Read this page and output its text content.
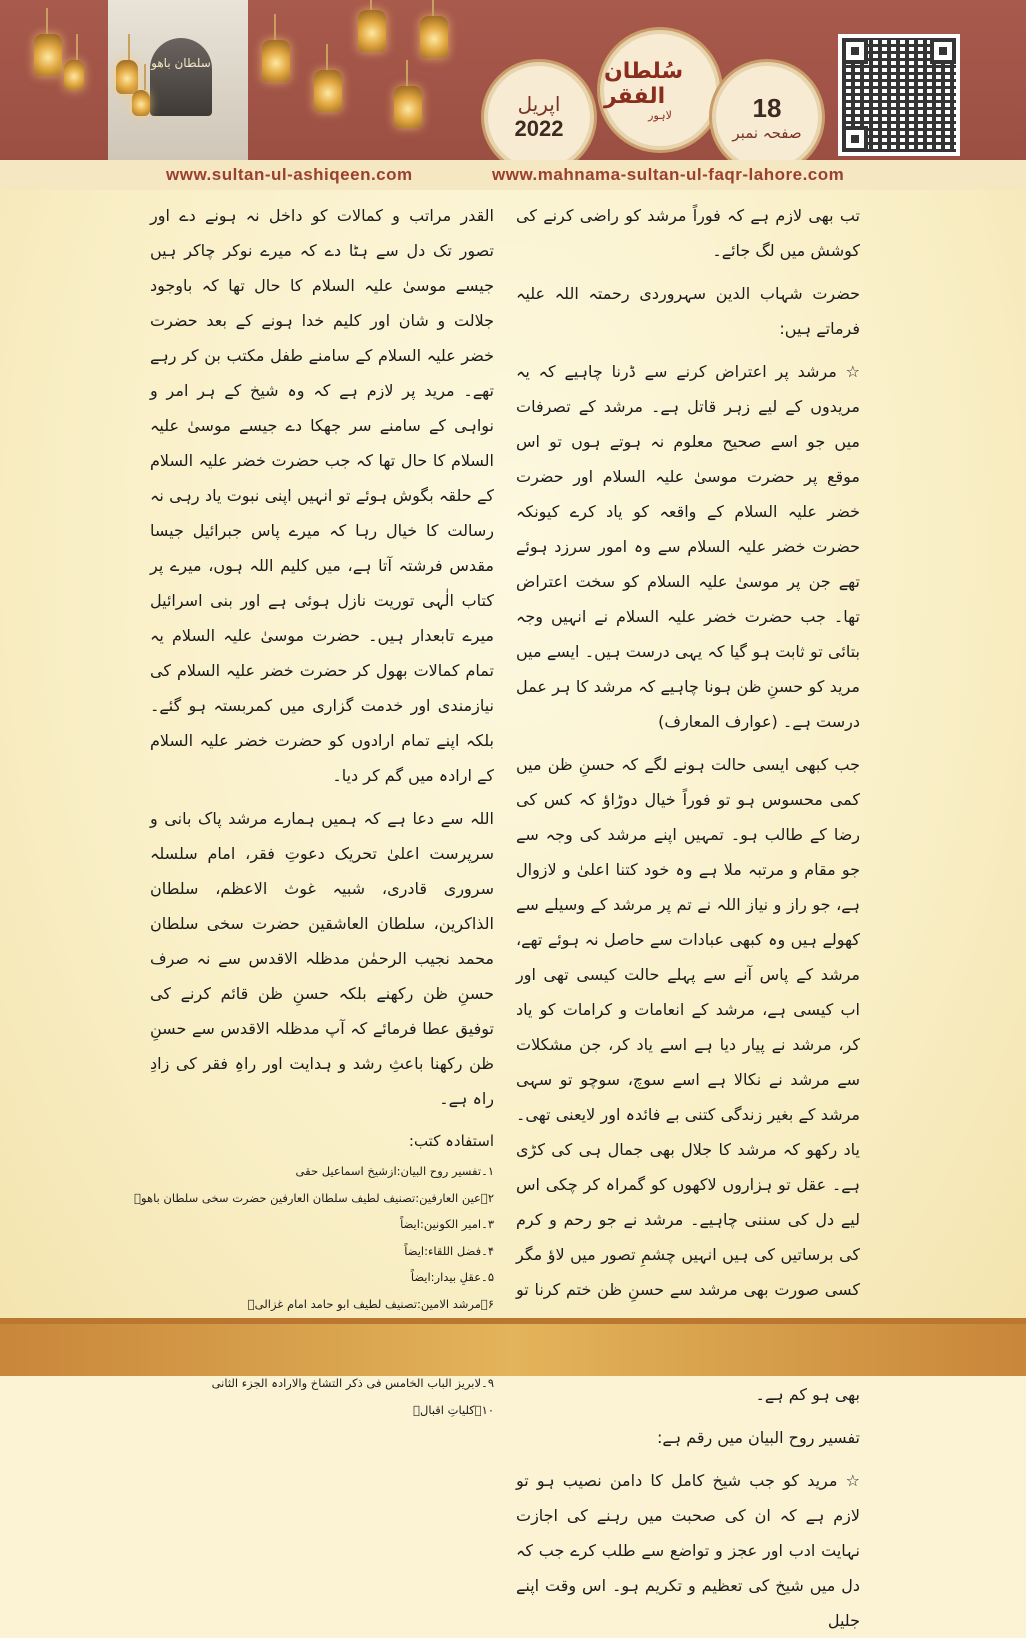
سلطان باھو
اپریل
2022
سُلطان الفقر
لاہور	18
صفحہ نمبر
www.sultan-ul-ashiqeen.com	www.mahnama-sultan-ul-faqr-lahore.com

تب بھی لازم ہے کہ فوراً مرشد کو راضی کرنے کی کوشش میں لگ جائے۔

حضرت شہاب الدین سہروردی رحمتہ اللہ علیہ فرماتے ہیں:

☆ مرشد پر اعتراض کرنے سے ڈرنا چاہیے کہ یہ مریدوں کے لیے زہر قاتل ہے۔ مرشد کے تصرفات میں جو اسے صحیح معلوم نہ ہوتے ہوں تو اس موقع پر حضرت موسیٰ علیہ السلام اور حضرت خضر علیہ السلام کے واقعہ کو یاد کرے کیونکہ حضرت خضر علیہ السلام سے وہ امور سرزد ہوئے تھے جن پر موسیٰ علیہ السلام کو سخت اعتراض تھا۔ جب حضرت خضر علیہ السلام نے انہیں وجہ بتائی تو ثابت ہو گیا کہ یہی درست ہیں۔ ایسے میں مرید کو حسنِ ظن ہونا چاہیے کہ مرشد کا ہر عمل درست ہے۔ (عوارف المعارف)

جب کبھی ایسی حالت ہونے لگے کہ حسنِ ظن میں کمی محسوس ہو تو فوراً خیال دوڑاؤ کہ کس کی رضا کے طالب ہو۔ تمہیں اپنے مرشد کی وجہ سے جو مقام و مرتبہ ملا ہے وہ خود کتنا اعلیٰ و لازوال ہے، جو راز و نیاز اللہ نے تم پر مرشد کے وسیلے سے کھولے ہیں وہ کبھی عبادات سے حاصل نہ ہوئے تھے، مرشد کے پاس آنے سے پہلے حالت کیسی تھی اور اب کیسی ہے، مرشد کے انعامات و کرامات کو یاد کر، مرشد نے پیار دیا ہے اسے یاد کر، جن مشکلات سے مرشد نے نکالا ہے اسے سوچ، سوچو تو سہی مرشد کے بغیر زندگی کتنی بے فائدہ اور لایعنی تھی۔ یاد رکھو کہ مرشد کا جلال بھی جمال ہی کی کڑی ہے۔ عقل تو ہزاروں لاکھوں کو گمراہ کر چکی اس لیے دل کی سننی چاہیے۔ مرشد نے جو رحم و کرم کی برساتیں کی ہیں انہیں چشمِ تصور میں لاؤ مگر کسی صورت بھی مرشد سے حسنِ ظن ختم کرنا تو بھی ہو کم ہے۔

تفسیر روح البیان میں رقم ہے:

☆ مرید کو جب شیخ کامل کا دامن نصیب ہو تو لازم ہے کہ ان کی صحبت میں رہنے کی اجازت نہایت ادب اور عجز و تواضع سے طلب کرے جب کہ دل میں شیخ کی تعظیم و تکریم ہو۔ اس وقت اپنے جلیل

القدر مراتب و کمالات کو داخل نہ ہونے دے اور تصور تک دل سے ہٹا دے کہ میرے نوکر چاکر ہیں جیسے موسیٰ علیہ السلام کا حال تھا کہ باوجود جلالت و شان اور کلیم خدا ہونے کے بعد حضرت خضر علیہ السلام کے سامنے طفل مکتب بن کر رہے تھے۔ مرید پر لازم ہے کہ وہ شیخ کے ہر امر و نواہی کے سامنے سر جھکا دے جیسے موسیٰ علیہ السلام کا حال تھا کہ جب حضرت خضر علیہ السلام کے حلقہ بگوش ہوئے تو انہیں اپنی نبوت یاد رہی نہ رسالت کا خیال رہا کہ میرے پاس جبرائیل جیسا مقدس فرشتہ آتا ہے، میں کلیم اللہ ہوں، میرے پر کتاب الٰہی توریت نازل ہوئی ہے اور بنی اسرائیل میرے تابعدار ہیں۔ حضرت موسیٰ علیہ السلام یہ تمام کمالات بھول کر حضرت خضر علیہ السلام کی نیازمندی اور خدمت گزاری میں کمربستہ ہو گئے۔ بلکہ اپنے تمام ارادوں کو حضرت خضر علیہ السلام کے ارادہ میں گم کر دیا۔

اللہ سے دعا ہے کہ ہمیں ہمارے مرشد پاک بانی و سرپرست اعلیٰ تحریک دعوتِ فقر، امام سلسلہ سروری قادری، شبیہ غوث الاعظم، سلطان الذاکرین، سلطان العاشقین حضرت سخی سلطان محمد نجیب الرحمٰن مدظلہ الاقدس سے نہ صرف حسنِ ظن رکھنے بلکہ حسنِ ظن قائم کرنے کی توفیق عطا فرمائے کہ آپ مدظلہ الاقدس سے حسنِ ظن رکھنا باعثِ رشد و ہدایت اور راہِ فقر کی زادِ راہ ہے۔

استفادہ کتب:
۱۔تفسیر روح البیان:ازشیخ اسماعیل حقی
۲۔عین العارفین:تصنیف لطیف سلطان العارفین حضرت سخی سلطان باھوؒ
۳۔امیر الکونین:ایضاً
۴۔فضل اللقاء:ایضاً
۵۔عقلِ بیدار:ایضاً
۶۔مرشد الامین:تصنیف لطیف ابو حامد امام غزالیؒ
۹۔لابریز الباب الخامس فی ذکر التشاخ والارادہ الجزء الثانی
۱۰۔کلیاتِ اقبالؒ
